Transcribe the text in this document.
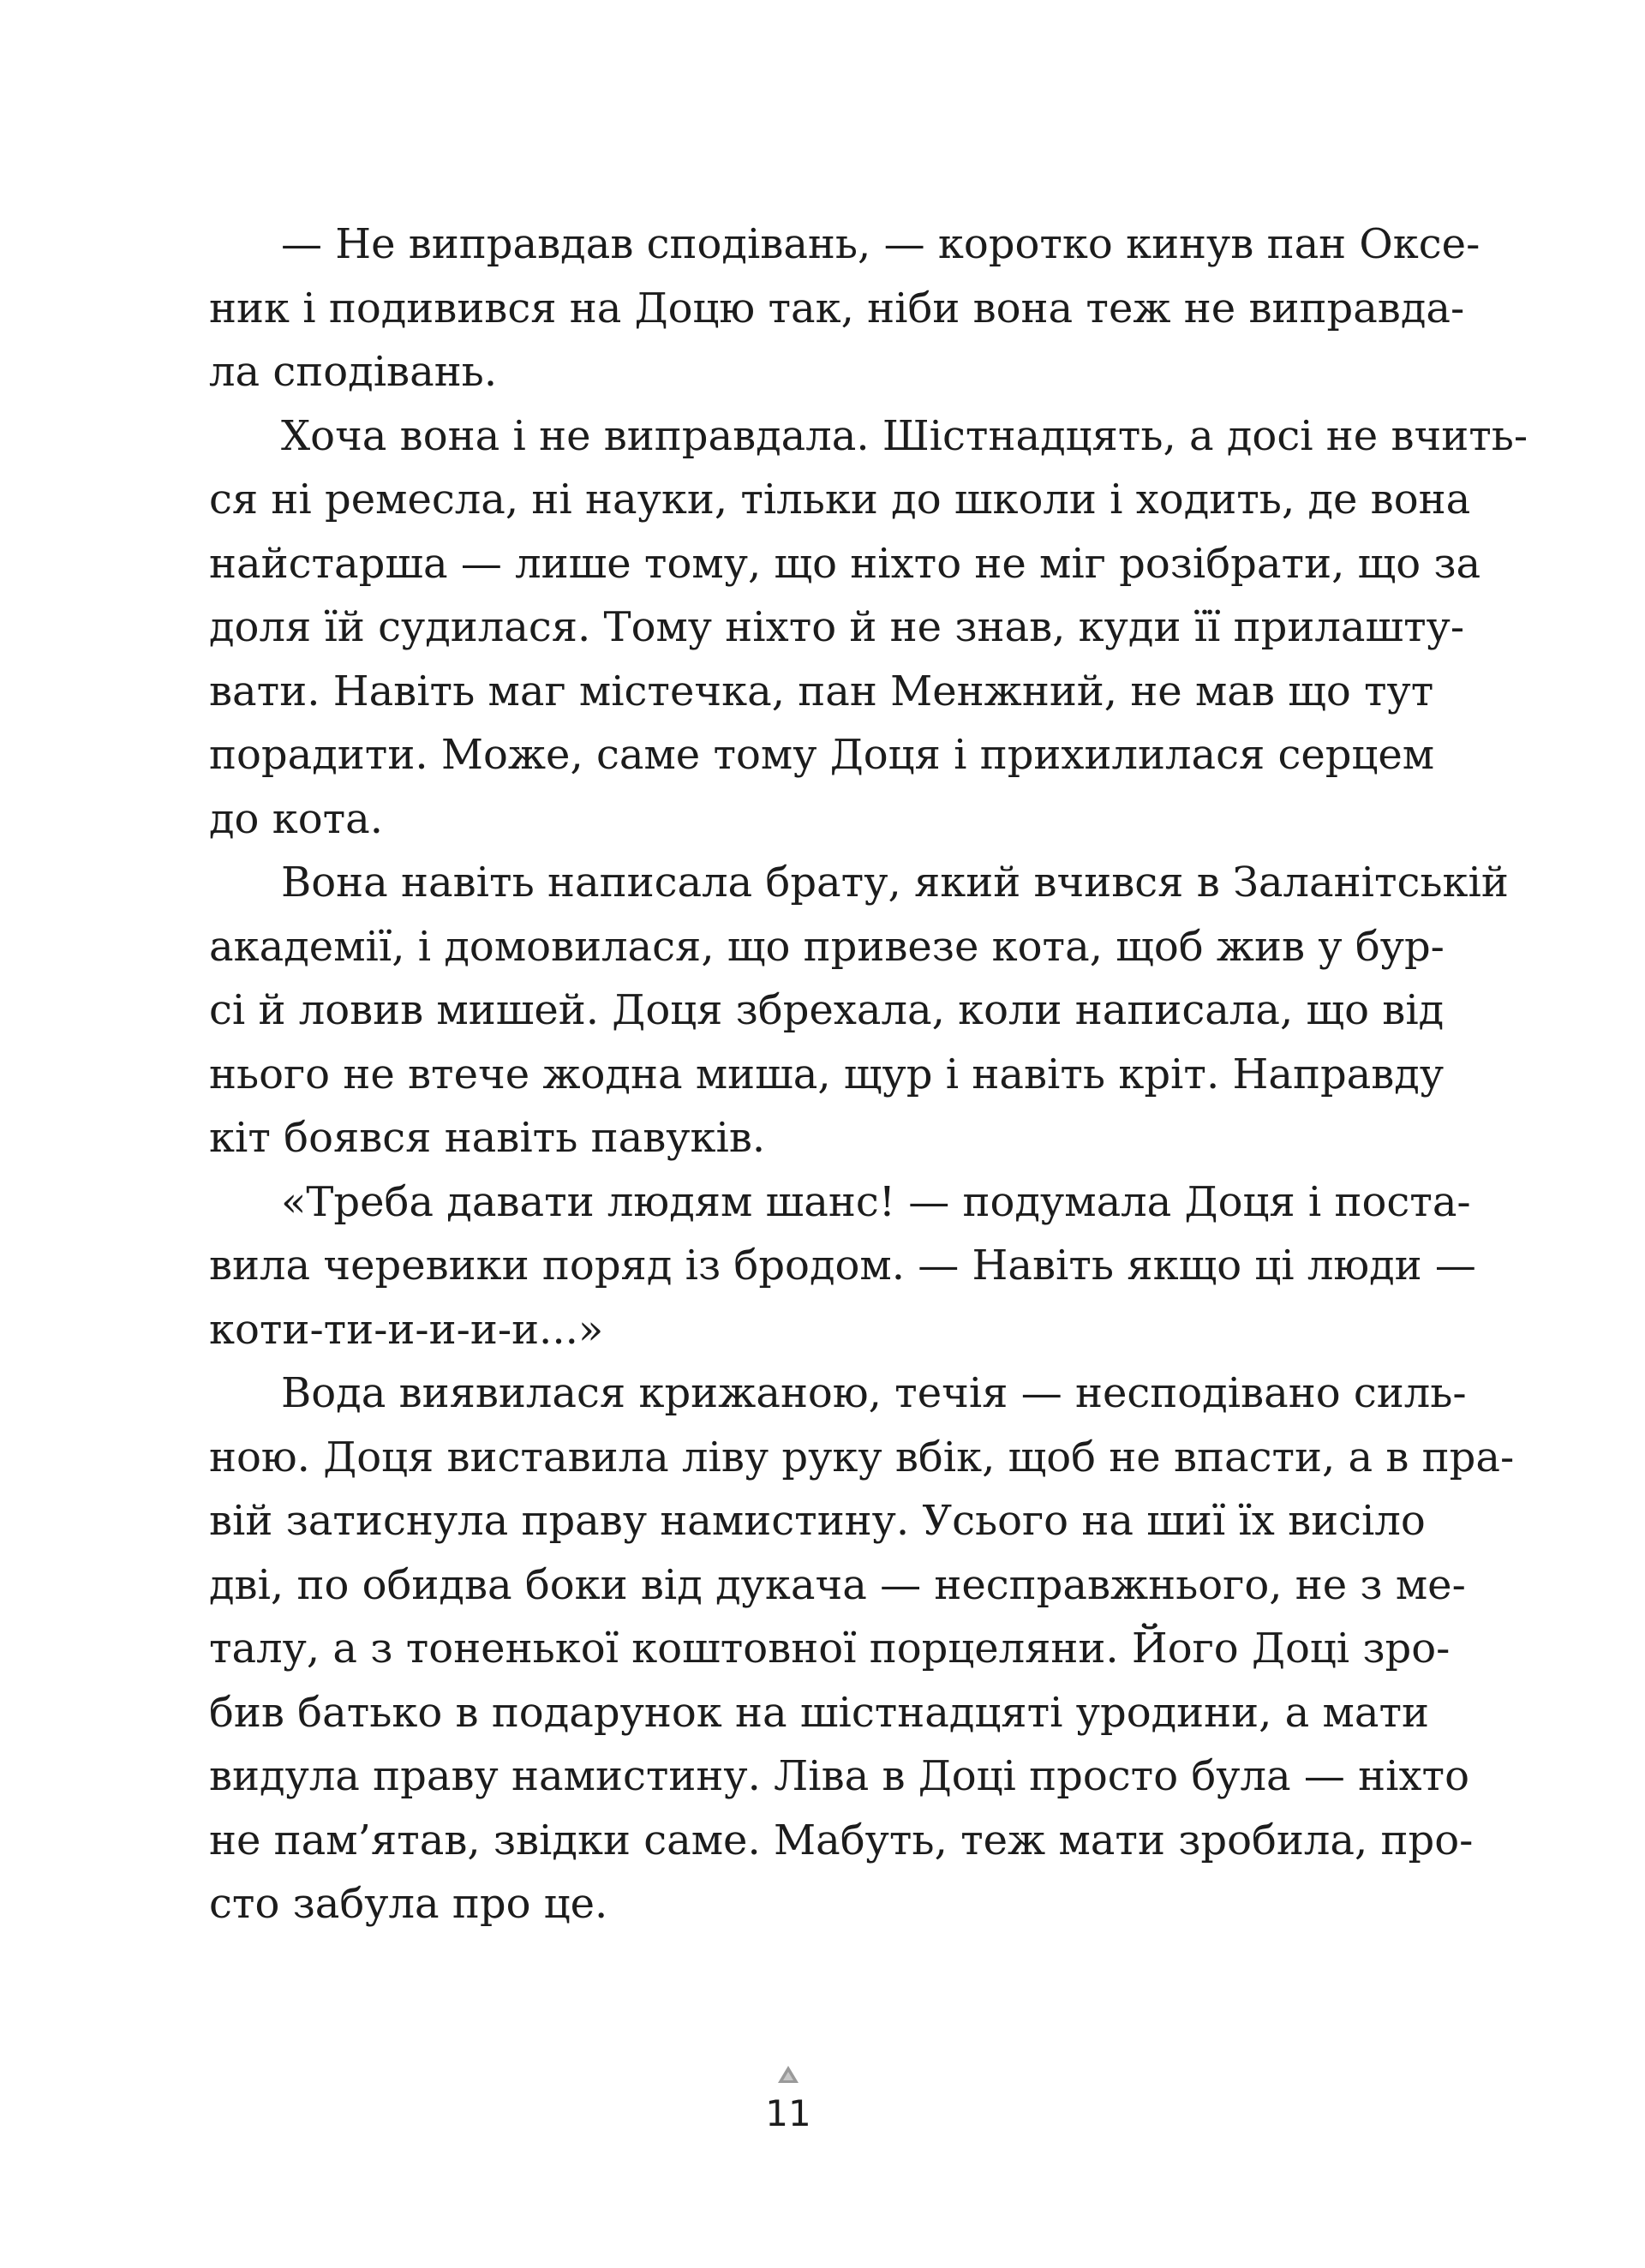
— Не виправдав сподівань, — коротко кинув пан Оксе-
ник і подивився на Доцю так, ніби вона теж не виправда-
ла сподівань.
Хоча вона і не виправдала. Шістнадцять, а досі не вчить-
ся ні ремесла, ні науки, тільки до школи і ходить, де вона
найстарша — лише тому, що ніхто не міг розібрати, що за
доля їй судилася. Тому ніхто й не знав, куди її прилашту-
вати. Навіть маг містечка, пан Менжний, не мав що тут
порадити. Може, саме тому Доця і прихилилася серцем
до кота.
Вона навіть написала брату, який вчився в Заланітській
академії, і домовилася, що привезе кота, щоб жив у бур-
сі й ловив мишей. Доця збрехала, коли написала, що від
нього не втече жодна миша, щур і навіть кріт. Направду
кіт боявся навіть павуків.
«Треба давати людям шанс! — подумала Доця і поста-
вила черевики поряд із бродом. — Навіть якщо ці люди —
коти-ти-и-и-и-и...»
Вода виявилася крижаною, течія — несподівано силь-
ною. Доця виставила ліву руку вбік, щоб не впасти, а в пра-
вій затиснула праву намистину. Усього на шиї їх висіло
дві, по обидва боки від дукача — несправжнього, не з ме-
талу, а з тоненької коштовної порцеляни. Його Доці зро-
бив батько в подарунок на шістнадцяті уродини, а мати
видула праву намистину. Ліва в Доці просто була — ніхто
не пам’ятав, звідки саме. Мабуть, теж мати зробила, про-
сто забула про це.
11
